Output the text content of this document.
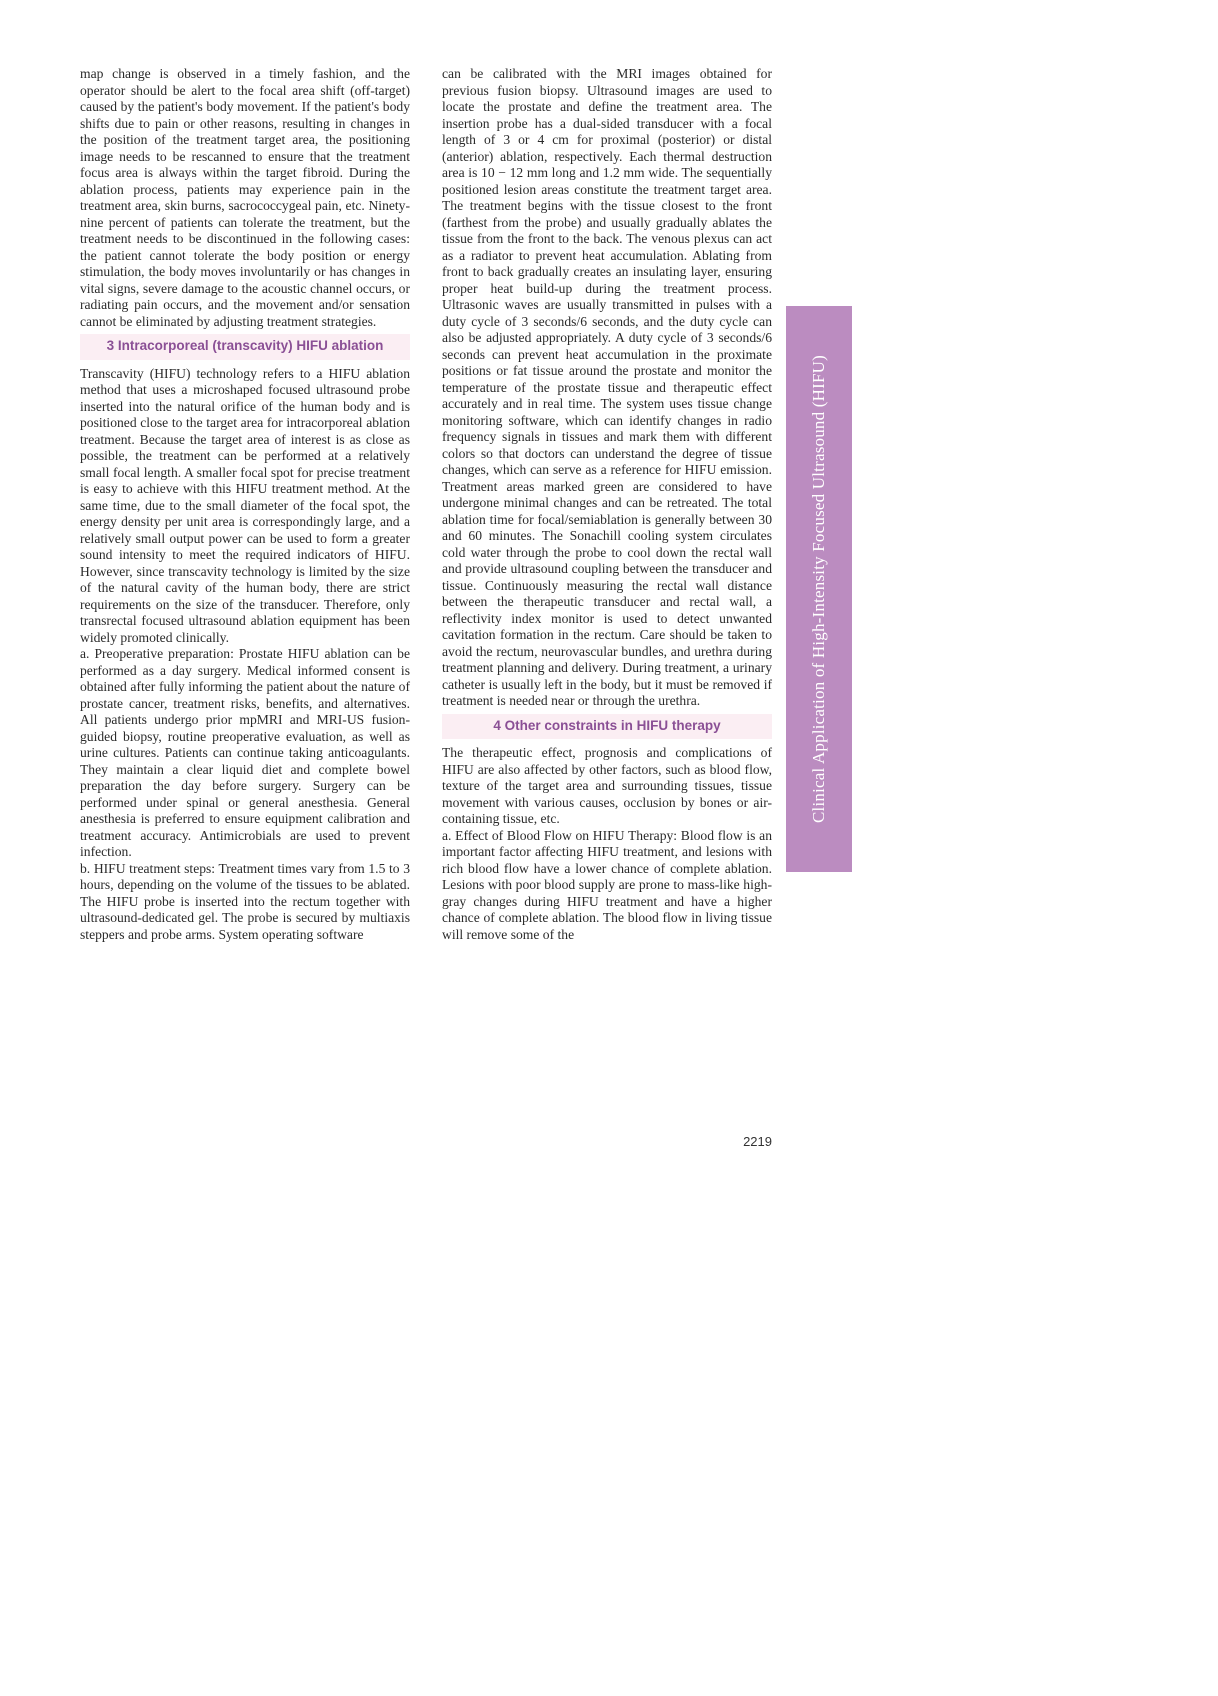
map change is observed in a timely fashion, and the operator should be alert to the focal area shift (off-target) caused by the patient's body movement. If the patient's body shifts due to pain or other reasons, resulting in changes in the position of the treatment target area, the positioning image needs to be rescanned to ensure that the treatment focus area is always within the target fibroid. During the ablation process, patients may experience pain in the treatment area, skin burns, sacrococcygeal pain, etc. Ninety-nine percent of patients can tolerate the treatment, but the treatment needs to be discontinued in the following cases: the patient cannot tolerate the body position or energy stimulation, the body moves involuntarily or has changes in vital signs, severe damage to the acoustic channel occurs, or radiating pain occurs, and the movement and/or sensation cannot be eliminated by adjusting treatment strategies.

3 Intracorporeal (transcavity) HIFU ablation

Transcavity (HIFU) technology refers to a HIFU ablation method that uses a microshaped focused ultrasound probe inserted into the natural orifice of the human body and is positioned close to the target area for intracorporeal ablation treatment. Because the target area of interest is as close as possible, the treatment can be performed at a relatively small focal length. A smaller focal spot for precise treatment is easy to achieve with this HIFU treatment method. At the same time, due to the small diameter of the focal spot, the energy density per unit area is correspondingly large, and a relatively small output power can be used to form a greater sound intensity to meet the required indicators of HIFU. However, since transcavity technology is limited by the size of the natural cavity of the human body, there are strict requirements on the size of the transducer. Therefore, only transrectal focused ultrasound ablation equipment has been widely promoted clinically.

a. Preoperative preparation: Prostate HIFU ablation can be performed as a day surgery. Medical informed consent is obtained after fully informing the patient about the nature of prostate cancer, treatment risks, benefits, and alternatives. All patients undergo prior mpMRI and MRI-US fusion-guided biopsy, routine preoperative evaluation, as well as urine cultures. Patients can continue taking anticoagulants. They maintain a clear liquid diet and complete bowel preparation the day before surgery. Surgery can be performed under spinal or general anesthesia. General anesthesia is preferred to ensure equipment calibration and treatment accuracy. Antimicrobials are used to prevent infection.

b. HIFU treatment steps: Treatment times vary from 1.5 to 3 hours, depending on the volume of the tissues to be ablated. The HIFU probe is inserted into the rectum together with ultrasound-dedicated gel. The probe is secured by multiaxis steppers and probe arms. System operating software

can be calibrated with the MRI images obtained for previous fusion biopsy. Ultrasound images are used to locate the prostate and define the treatment area. The insertion probe has a dual-sided transducer with a focal length of 3 or 4 cm for proximal (posterior) or distal (anterior) ablation, respectively. Each thermal destruction area is 10 − 12 mm long and 1.2 mm wide. The sequentially positioned lesion areas constitute the treatment target area. The treatment begins with the tissue closest to the front (farthest from the probe) and usually gradually ablates the tissue from the front to the back. The venous plexus can act as a radiator to prevent heat accumulation. Ablating from front to back gradually creates an insulating layer, ensuring proper heat build-up during the treatment process. Ultrasonic waves are usually transmitted in pulses with a duty cycle of 3 seconds/6 seconds, and the duty cycle can also be adjusted appropriately. A duty cycle of 3 seconds/6 seconds can prevent heat accumulation in the proximate positions or fat tissue around the prostate and monitor the temperature of the prostate tissue and therapeutic effect accurately and in real time. The system uses tissue change monitoring software, which can identify changes in radio frequency signals in tissues and mark them with different colors so that doctors can understand the degree of tissue changes, which can serve as a reference for HIFU emission. Treatment areas marked green are considered to have undergone minimal changes and can be retreated. The total ablation time for focal/semiablation is generally between 30 and 60 minutes. The Sonachill cooling system circulates cold water through the probe to cool down the rectal wall and provide ultrasound coupling between the transducer and tissue. Continuously measuring the rectal wall distance between the therapeutic transducer and rectal wall, a reflectivity index monitor is used to detect unwanted cavitation formation in the rectum. Care should be taken to avoid the rectum, neurovascular bundles, and urethra during treatment planning and delivery. During treatment, a urinary catheter is usually left in the body, but it must be removed if treatment is needed near or through the urethra.

4 Other constraints in HIFU therapy

The therapeutic effect, prognosis and complications of HIFU are also affected by other factors, such as blood flow, texture of the target area and surrounding tissues, tissue movement with various causes, occlusion by bones or air-containing tissue, etc.

a. Effect of Blood Flow on HIFU Therapy: Blood flow is an important factor affecting HIFU treatment, and lesions with rich blood flow have a lower chance of complete ablation. Lesions with poor blood supply are prone to mass-like high-gray changes during HIFU treatment and have a higher chance of complete ablation. The blood flow in living tissue will remove some of the

Clinical Application of High-Intensity Focused Ultrasound (HIFU)
2219
